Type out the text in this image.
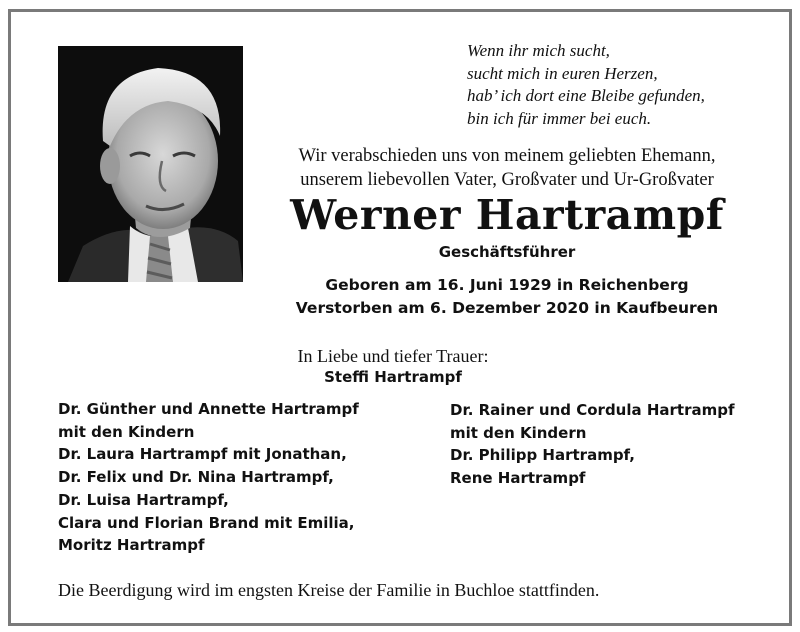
Wenn ihr mich sucht,
sucht mich in euren Herzen,
hab’ ich dort eine Bleibe gefunden,
bin ich für immer bei euch.
Wir verabschieden uns von meinem geliebten Ehemann,
unserem liebevollen Vater, Großvater und Ur-Großvater
Werner Hartrampf
Geschäftsführer
Geboren am 16. Juni 1929 in Reichenberg
Verstorben am 6. Dezember 2020 in Kaufbeuren
In Liebe und tiefer Trauer:
Steffi Hartrampf
Dr. Günther und Annette Hartrampf
mit den Kindern
Dr. Laura Hartrampf mit Jonathan,
Dr. Felix und Dr. Nina Hartrampf,
Dr. Luisa Hartrampf,
Clara und Florian Brand mit Emilia,
Moritz Hartrampf
Dr. Rainer und Cordula Hartrampf
mit den Kindern
Dr. Philipp Hartrampf,
Rene Hartrampf
Die Beerdigung wird im engsten Kreise der Familie in Buchloe stattfinden.
